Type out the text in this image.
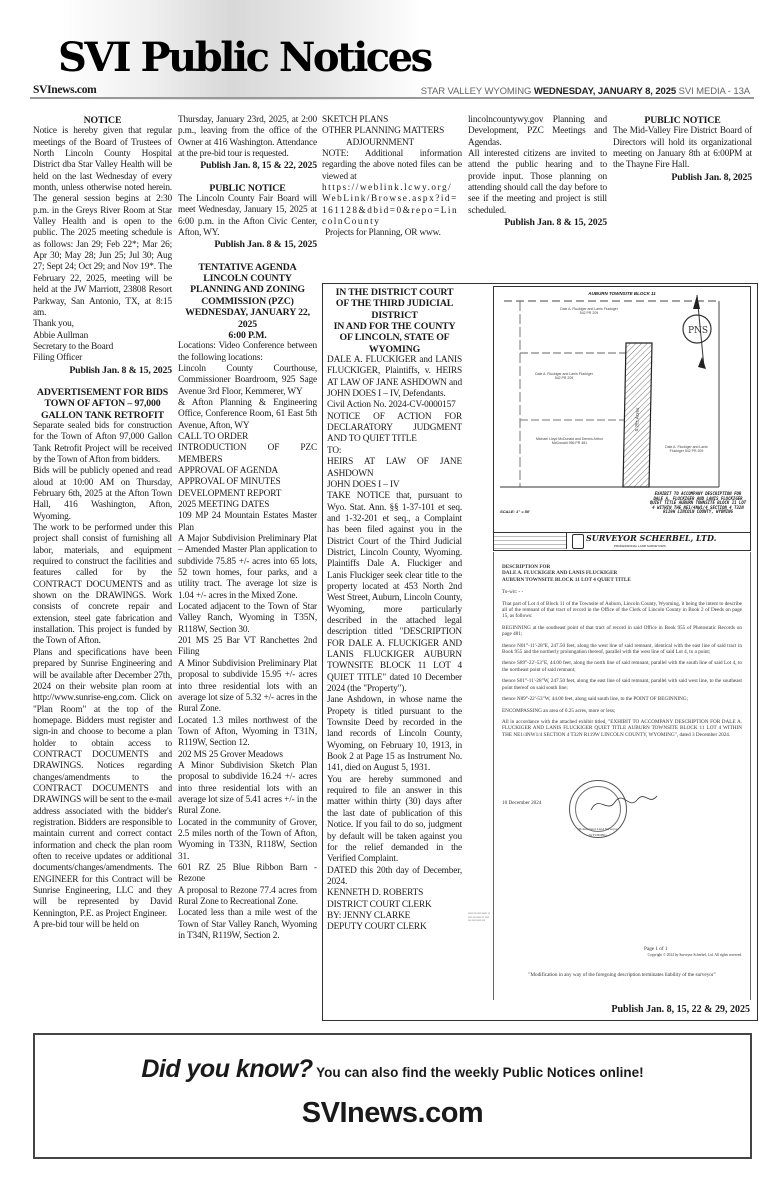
SVI Public Notices
SVInews.com	STAR VALLEY WYOMING WEDNESDAY, JANUARY 8, 2025 SVI MEDIA - 13A

NOTICE

Notice is hereby given that regular meetings of the Board of Trustees of North Lincoln County Hospital District dba Star Valley Health will be held on the last Wednesday of every month, unless otherwise noted herein. The general session begins at 2:30 p.m. in the Greys River Room at Star Valley Health and is open to the public. The 2025 meeting schedule is as follows: Jan 29; Feb 22*; Mar 26; Apr 30; May 28; Jun 25; Jul 30; Aug 27; Sept 24; Oct 29; and Nov 19*. The February 22, 2025, meeting will be held at the JW Marriott, 23808 Resort Parkway, San Antonio, TX, at 8:15 am.

Thank you,

Abbie Aullman

Secretary to the Board

Filing Officer

Publish Jan. 8 & 15, 2025

ADVERTISEMENT FOR BIDS

TOWN OF AFTON – 97,000

GALLON TANK RETROFIT

Separate sealed bids for construction for the Town of Afton 97,000 Gallon Tank Retrofit Project will be received by the Town of Afton from bidders.

Bids will be publicly opened and read aloud at 10:00 AM on Thursday, February 6th, 2025 at the Afton Town Hall, 416 Washington, Afton, Wyoming.

The work to be performed under this project shall consist of furnishing all labor, materials, and equipment required to construct the facilities and features called for by the CONTRACT DOCUMENTS and as shown on the DRAWINGS. Work consists of concrete repair and extension, steel gate fabrication and installation. This project is funded by the Town of Afton.

Plans and specifications have been prepared by Sunrise Engineering and will be available after December 27th, 2024 on their website plan room at http://www.sunrise-eng.com. Click on "Plan Room" at the top of the homepage. Bidders must register and sign-in and choose to become a plan holder to obtain access to CONTRACT DOCUMENTS and DRAWINGS. Notices regarding changes/amendments to the CONTRACT DOCUMENTS and DRAWINGS will be sent to the e-mail address associated with the bidder's registration. Bidders are responsible to maintain current and correct contact information and check the plan room often to receive updates or additional documents/changes/amendments. The ENGINEER for this Contract will be Sunrise Engineering, LLC and they will be represented by David Kennington, P.E. as Project Engineer.

A pre-bid tour will be held on

Thursday, January 23rd, 2025, at 2:00 p.m., leaving from the office of the Owner at 416 Washington. Attendance at the pre-bid tour is requested.

Publish Jan. 8, 15 & 22, 2025

PUBLIC NOTICE

The Lincoln County Fair Board will meet Wednesday, January 15, 2025 at 6:00 p.m. in the Afton Civic Center, Afton, WY.

Publish Jan. 8 & 15, 2025

TENTATIVE AGENDA

LINCOLN COUNTY

PLANNING AND ZONING

COMMISSION (PZC)

WEDNESDAY, JANUARY 22,

2025

6:00 P.M.

Locations: Video Conference between the following locations:

Lincoln County Courthouse, Commissioner Boardroom, 925 Sage Avenue 3rd Floor, Kemmerer, WY

& Afton Planning & Engineering Office, Conference Room, 61 East 5th Avenue, Afton, WY

CALL TO ORDER

INTRODUCTION OF PZC MEMBERS

APPROVAL OF AGENDA

APPROVAL OF MINUTES

DEVELOPMENT REPORT

2025 MEETING DATES

109 MP 24 Mountain Estates Master Plan

A Major Subdivision Preliminary Plat – Amended Master Plan application to subdivide 75.85 +/- acres into 65 lots, 52 town homes, four parks, and a utility tract. The average lot size is 1.04 +/- acres in the Mixed Zone.

Located adjacent to the Town of Star Valley Ranch, Wyoming in T35N, R118W, Section 30.

201 MS 25 Bar VT Ranchettes 2nd Filing

A Minor Subdivision Preliminary Plat proposal to subdivide 15.95 +/- acres into three residential lots with an average lot size of 5.32 +/- acres in the Rural Zone.

Located 1.3 miles northwest of the Town of Afton, Wyoming in T31N, R119W, Section 12.

202 MS 25 Grover Meadows

A Minor Subdivision Sketch Plan proposal to subdivide 16.24 +/- acres into three residential lots with an average lot size of 5.41 acres +/- in the Rural Zone.

Located in the community of Grover, 2.5 miles north of the Town of Afton, Wyoming in T33N, R118W, Section 31.

601 RZ 25 Blue Ribbon Barn - Rezone

A proposal to Rezone 77.4 acres from Rural Zone to Recreational Zone.

Located less than a mile west of the Town of Star Valley Ranch, Wyoming in T34N, R119W, Section 2.

SKETCH PLANS

OTHER PLANNING MATTERS

ADJOURNMENT

NOTE: Additional information regarding the above noted files can be viewed at

https://weblink.lcwy.org/WebLink/Browse.aspx?id=161128&dbid=0&repo=LincolnCounty

Projects for Planning, OR www.

lincolncountywy.gov Planning and Development, PZC Meetings and Agendas.

All interested citizens are invited to attend the public hearing and to provide input. Those planning on attending should call the day before to see if the meeting and project is still scheduled.

Publish Jan. 8 & 15, 2025

PUBLIC NOTICE

The Mid-Valley Fire District Board of Directors will hold its organizational meeting on January 8th at 6:00PM at the Thayne Fire Hall.

Publish Jan. 8, 2025

IN THE DISTRICT COURT

OF THE THIRD JUDICIAL

DISTRICT

IN AND FOR THE COUNTY

OF LINCOLN, STATE OF

WYOMING

DALE A. FLUCKIGER and LANIS FLUCKIGER, Plaintiffs, v. HEIRS AT LAW OF JANE ASHDOWN and JOHN DOES I – IV, Defendants.

Civil Action No. 2024-CV-0000157

NOTICE OF ACTION FOR DECLARATORY JUDGMENT AND TO QUIET TITLE

TO:

HEIRS AT LAW OF JANE ASHDOWN

JOHN DOES I – IV

TAKE NOTICE that, pursuant to Wyo. Stat. Ann. §§ 1-37-101 et seq. and 1-32-201 et seq., a Complaint has been filed against you in the District Court of the Third Judicial District, Lincoln County, Wyoming. Plaintiffs Dale A. Fluckiger and Lanis Fluckiger seek clear title to the property located at 453 North 2nd West Street, Auburn, Lincoln County, Wyoming, more particularly described in the attached legal description titled "DESCRIPTION FOR DALE A. FLUCKIGER AND LANIS FLUCKIGER AUBURN TOWNSITE BLOCK 11 LOT 4 QUIET TITLE" dated 10 December 2024 (the "Property").

Jane Ashdown, in whose name the Propety is titled pursuant to the Townsite Deed by recorded in the land records of Lincoln County, Wyoming, on February 10, 1913, in Book 2 at Page 15 as Instrument No. 141, died on August 5, 1931.

You are hereby summoned and required to file an answer in this matter within thirty (30) days after the last date of publication of this Notice. If you fail to do so, judgment by default will be taken against you for the relief demanded in the Verified Complaint.

DATED this 20th day of December, 2024.

KENNETH D. ROBERTS

DISTRICT COURT CLERK

BY: JENNY CLARKE

DEPUTY COURT CLERK

PNS
AUBURN TOWNSITE BLOCK 11
Dale A. Fluckiger and Lanis Fluckiger 542 PR 209
Dale A. Fluckiger and Lanis Fluckiger 542 PR 209
Michael Lloyd McDonald and Dennis Arthur McDonald 956 PR 481
Dale A. Fluckiger and Lanis Fluckiger 542 PR 209
0.25± Acres
EXHIBIT TO ACCOMPANY DESCRIPTION FOR DALE A. FLUCKIGER AND LANIS FLUCKIGER QUIET TITLE AUBURN TOWNSITE BLOCK 11 LOT 4 WITHIN THE NE1/4NW1/4 SECTION 4 T32N R119W LINCOLN COUNTY, WYOMING
SCALE: 1" = 50'
SURVEYOR SCHERBEL, LTD.
PROFESSIONAL LAND SURVEYORS

DESCRIPTION FOR

DALE A. FLUCKIGER AND LANIS FLUCKIGER

AUBURN TOWNSITE BLOCK 11 LOT 4 QUIET TITLE

To-wit: - -

That part of Lot 4 of Block 11 of the Townsite of Auburn, Lincoln County, Wyoming, it being the intent to describe all of the remnant of that tract of record in the Office of the Clerk of Lincoln County in Book 2 of Deeds on page 15, as follows:

BEGINNING at the southeast point of that tract of record in said Office in Book 955 of Photostatic Records on page 481;

thence N01°-11'-28"E, 247.50 feet, along the west line of said remnant, identical with the east line of said tract in Book 955 and the northerly prolongation thereof, parallel with the west line of said Lot 4, to a point;

thence S89°-22'-53"E, 44.00 feet, along the north line of said remnant, parallel with the south line of said Lot 4, to the northeast point of said remnant;

thence S01°-11'-28"W, 247.50 feet, along the east line of said remnant, parallel with said west line, to the southeast point thereof on said south line;

thence N89°-22'-53"W, 44.00 feet, along said south line, to the POINT OF BEGINNING;

ENCOMPASSING an area of 0.25 acres, more or less;

All in accordance with the attached exhibit titled, "EXHIBIT TO ACCOMPANY DESCRIPTION FOR DALE A. FLUCKIGER AND LANIS FLUCKIGER QUIET TITLE AUBURN TOWNSITE BLOCK 11 LOT 4 WITHIN THE NE1/4NW1/4 SECTION 4 T32N R119W LINCOLN COUNTY, WYOMING", dated 3 December 2024.

10 December 2024
Professional Land Surveyor WYOMING
Page 1 of 1
Copyright © 2024 by Surveyor Scherbel, Ltd. All rights reserved.
"Modification in any way of the foregoing description terminates liability of the surveyor"
▪▪▪▪▪ ▪▪▪ ▪▪▪▪ ▪▪▪▪▪ ▪▪ ▪▪▪▪ ▪▪▪ ▪▪▪▪▪ ▪▪ ▪▪▪▪ ▪▪▪ ▪▪▪▪ ▪▪▪▪▪ ▪▪▪
Publish Jan. 8, 15, 22 & 29, 2025
Did you know? You can also find the weekly Public Notices online!
SVInews.com
